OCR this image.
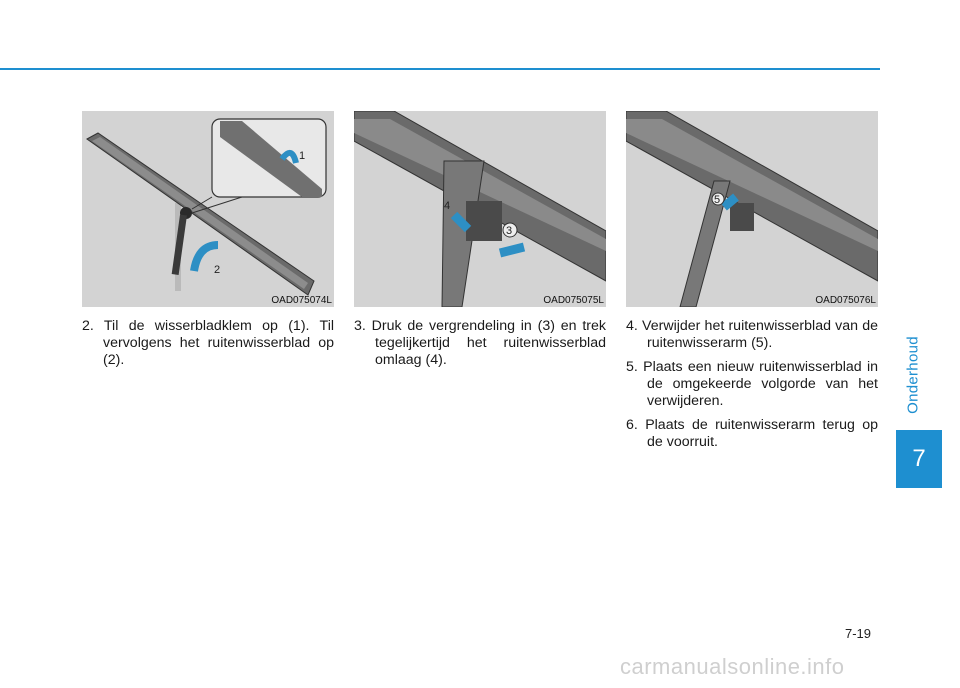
Onderhoud
7
1
2
OAD075074L
4
3
OAD075075L
5
OAD075076L

2. Til de wisserbladklem op (1). Til vervolgens het ruitenwisserblad op (2).

3. Druk de vergrendeling in (3) en trek tegelijkertijd het ruitenwisserblad omlaag (4).

4. Verwijder het ruitenwisserblad van de ruitenwisserarm (5).

5. Plaats een nieuw ruitenwisserblad in de omgekeerde volgorde van het verwijderen.

6. Plaats de ruitenwisserarm terug op de voorruit.

7-19
carmanualsonline.info
